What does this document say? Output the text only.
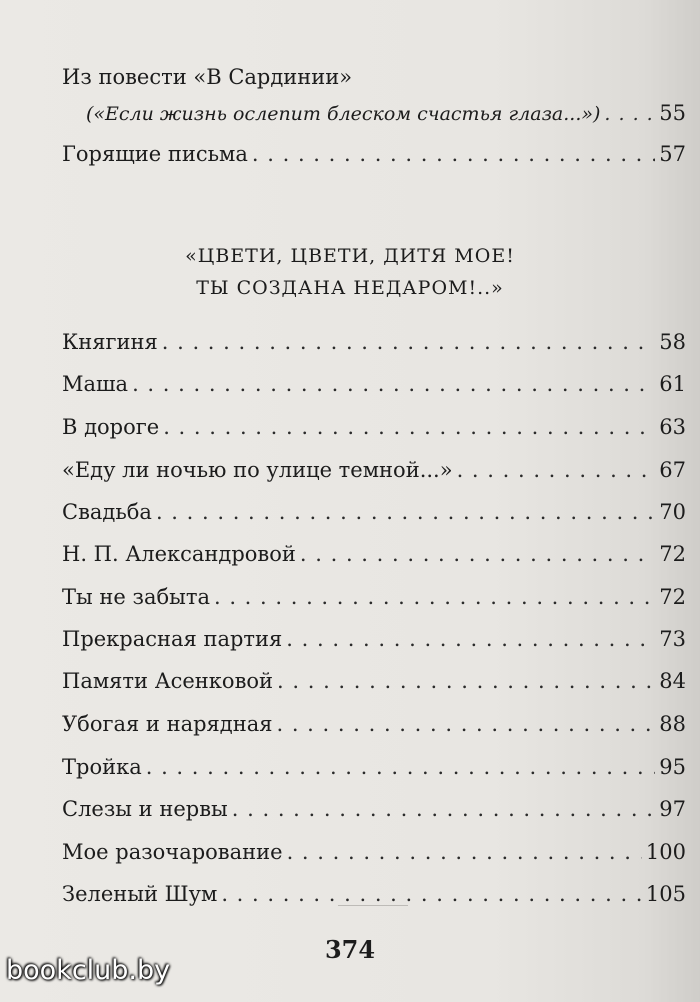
Из повести «В Сардинии»
(«Если жизнь ослепит блеском счастья глаза...») . . .	55
Горящие письма . . .	57
«ЦВЕТИ, ЦВЕТИ, ДИТЯ МОЕ!
ТЫ СОЗДАНА НЕДАРОМ!..»
Княгиня . . .	58
Маша . . .	61
В дороге . . .	63
«Еду ли ночью по улице темной...» . . .	67
Свадьба . . .	70
Н. П. Александровой . . .	72
Ты не забыта . . .	72
Прекрасная партия . . .	73
Памяти Асенковой . . .	84
Убогая и нарядная . . .	88
Тройка . . .	95
Слезы и нервы . . .	97
Мое разочарование . . .	100
Зеленый Шум . . .	105
374
bookclub.by
